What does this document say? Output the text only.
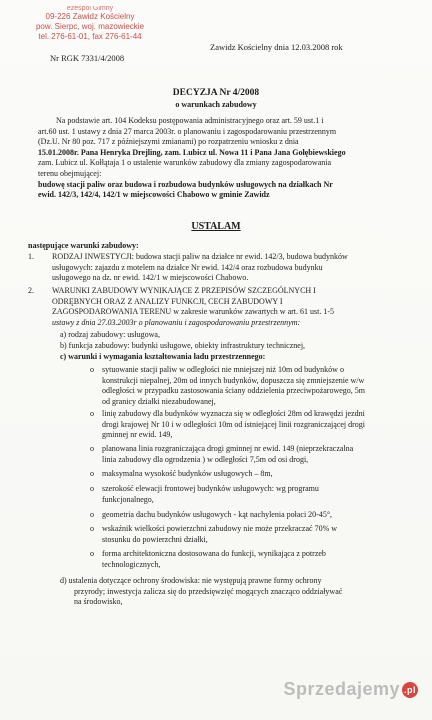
ezespol Gimny
09-226 Zawidz Kościelny
pow. Sierpc, woj. mazowieckie
tel. 276-61-01, fax 276-61-44
Nr RGK 7331/4/2008
Zawidz Kościelny dnia 12.03.2008 rok
DECYZJA Nr 4/2008
o warunkach zabudowy
Na podstawie art. 104 Kodeksu postępowania administracyjnego oraz art. 59 ust.1 i
art.60 ust. 1 ustawy z dnia 27 marca 2003r. o planowaniu i zagospodarowaniu przestrzennym
(Dz.U. Nr 80 poz. 717 z późniejszymi zmianami) po rozpatrzeniu wniosku z dnia
15.01.2008r. Pana Henryka Drejling, zam. Lubicz ul. Nowa 11 i Pana Jana Gołębiewskiego
zam. Lubicz ul. Kołłątaja 1 o ustalenie warunków zabudowy dla zmiany zagospodarowania
terenu obejmującej:
budowę stacji paliw oraz budowa i rozbudowa budynków usługowych na działkach Nr
ewid. 142/3, 142/4, 142/1 w miejscowości Chabowo w gminie Zawidz
USTALAM
następujące warunki zabudowy:
1. RODZAJ INWESTYCJI: budowa stacji paliw na działce nr ewid. 142/3, budowa budynków
usługowych: zajazdu z motelem na działce Nr ewid. 142/4 oraz rozbudowa budynku
usługowego na dz. nr ewid. 142/1 w miejscowości Chabowo.
2. WARUNKI ZABUDOWY WYNIKAJĄCE Z PRZEPISÓW SZCZEGÓLNYCH I
ODRĘBNYCH ORAZ Z ANALIZY FUNKCJI, CECH ZABUDOWY I
ZAGOSPODAROWANIA TERENU w zakresie warunków zawartych w art. 61 ust. 1-5
ustawy z dnia 27.03.2003r o planowaniu i zagospodarowaniu przestrzennym:
a) rodzaj zabudowy: usługowa,
b) funkcja zabudowy: budynki usługowe, obiekty infrastruktury technicznej,
c) warunki i wymagania kształtowania ładu przestrzennego:
o sytuowanie stacji paliw w odległości nie mniejszej niż 10m od budynków o
konstrukcji niepalnej, 20m od innych budynków, dopuszcza się zmniejszenie w/w
odległości w przypadku zastosowania ściany oddzielenia przeciwpożarowego, 5m
od granicy działki niezabudowanej,
o linię zabudowy dla budynków wyznacza się w odległości 28m od krawędzi jezdni
drogi krajowej Nr 10 i w odległości 10m od istniejącej linii rozgraniczającej drogi
gminnej nr ewid. 149,
o planowana linia rozgraniczająca drogi gminnej nr ewid. 149 (nieprzekraczalna
linia zabudowy dla ogrodzenia ) w odległości 7,5m od osi drogi,
o maksymalna wysokość budynków usługowych – 8m,
o szerokość elewacji frontowej budynków usługowych: wg programu
funkcjonalnego,
o geometria dachu budynków usługowych - kąt nachylenia połaci 20-45°,
o wskaźnik wielkości powierzchni zabudowy nie może przekraczać 70% w
stosunku do powierzchni działki,
o forma architektoniczna dostosowana do funkcji, wynikająca z potrzeb
technologicznych,
d) ustalenia dotyczące ochrony środowiska: nie występują prawne formy ochrony
przyrody; inwestycja zalicza się do przedsięwzięć mogących znacząco oddziaływać
na środowisko,
Sprzedajemy .pl
